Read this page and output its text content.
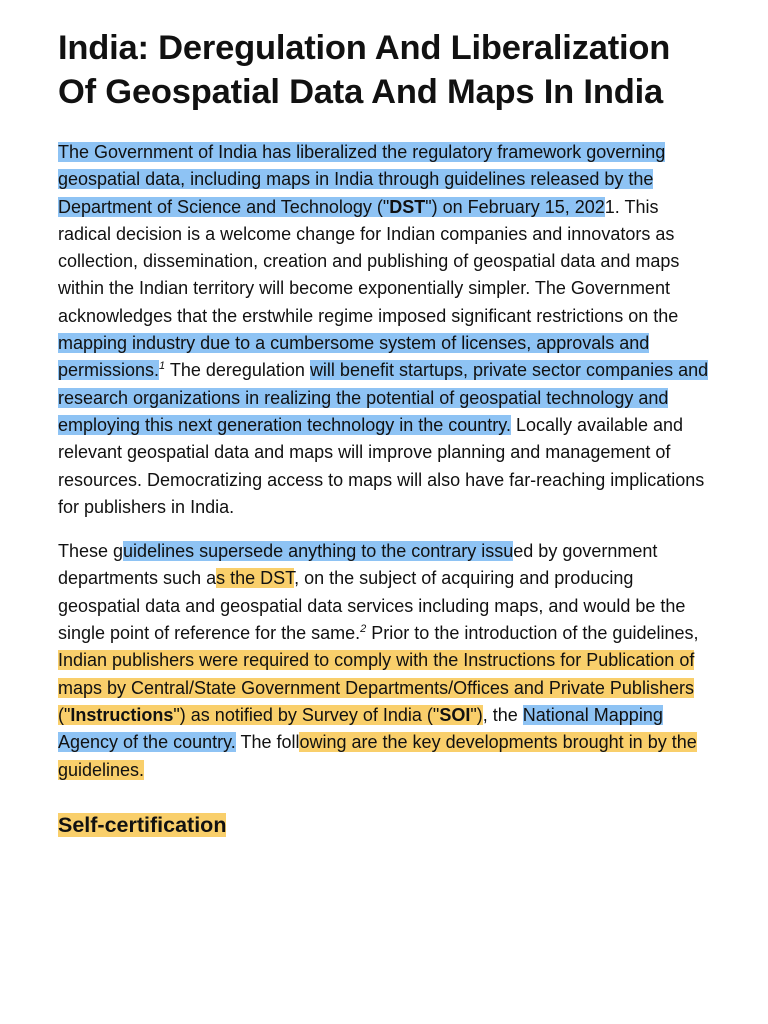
India: Deregulation And Liberalization Of Geospatial Data And Maps In India

The Government of India has liberalized the regulatory framework governing geospatial data, including maps in India through guidelines released by the Department of Science and Technology ("DST") on February 15, 2021. This radical decision is a welcome change for Indian companies and innovators as collection, dissemination, creation and publishing of geospatial data and maps within the Indian territory will become exponentially simpler. The Government acknowledges that the erstwhile regime imposed significant restrictions on the mapping industry due to a cumbersome system of licenses, approvals and permissions.$^1$ The deregulation will benefit startups, private sector companies and research organizations in realizing the potential of geospatial technology and employing this next generation technology in the country. Locally available and relevant geospatial data and maps will improve planning and management of resources. Democratizing access to maps will also have far-reaching implications for publishers in India.

These guidelines supersede anything to the contrary issued by government departments such as the DST, on the subject of acquiring and producing geospatial data and geospatial data services including maps, and would be the single point of reference for the same.$^2$ Prior to the introduction of the guidelines, Indian publishers were required to comply with the Instructions for Publication of maps by Central/State Government Departments/Offices and Private Publishers ("Instructions") as notified by Survey of India ("SOI"), the National Mapping Agency of the country. The following are the key developments brought in by the guidelines.

Self-certification
